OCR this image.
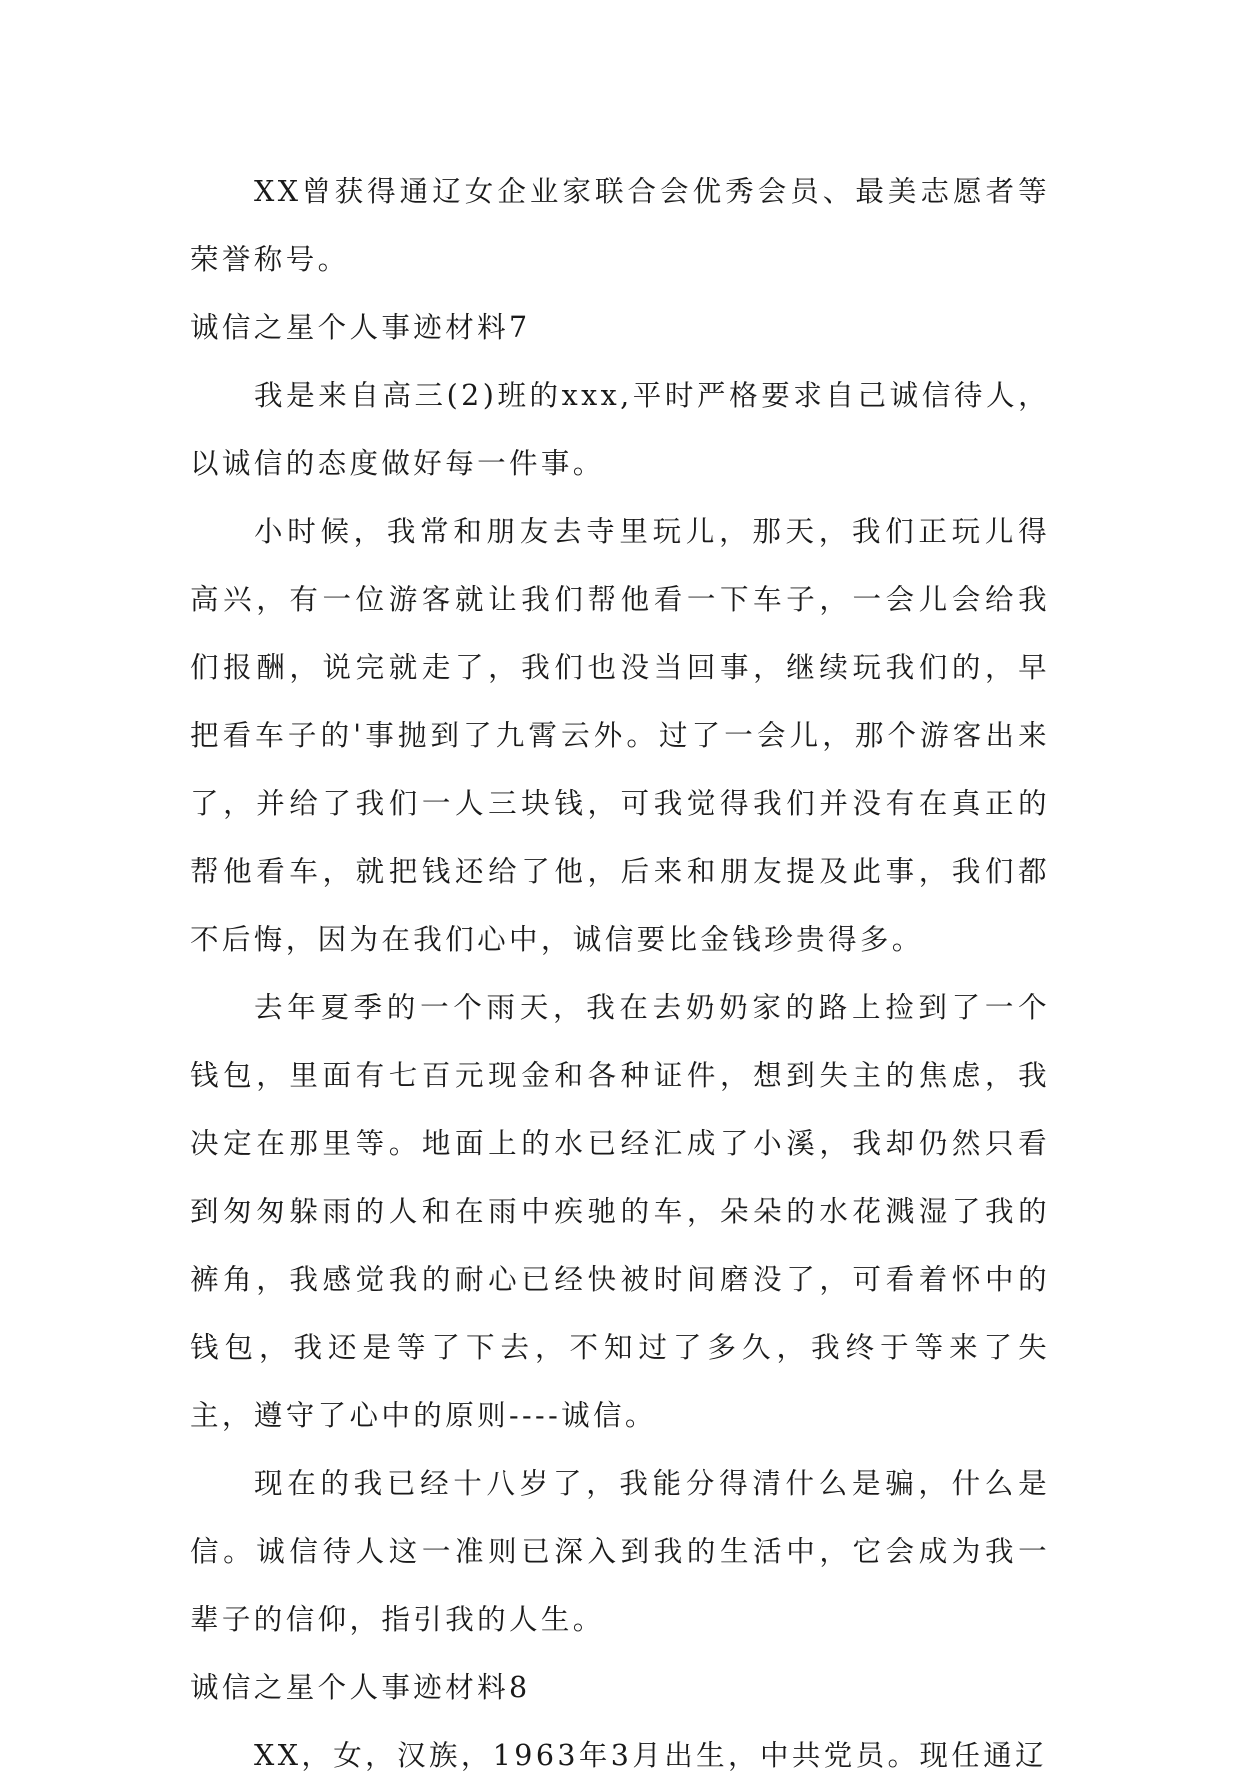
XX曾获得通辽女企业家联合会优秀会员、最美志愿者等荣誉称号。

诚信之星个人事迹材料7

我是来自高三(2)班的xxx,平时严格要求自己诚信待人，以诚信的态度做好每一件事。

小时候，我常和朋友去寺里玩儿，那天，我们正玩儿得高兴，有一位游客就让我们帮他看一下车子，一会儿会给我们报酬，说完就走了，我们也没当回事，继续玩我们的，早把看车子的'事抛到了九霄云外。过了一会儿，那个游客出来了，并给了我们一人三块钱，可我觉得我们并没有在真正的帮他看车，就把钱还给了他，后来和朋友提及此事，我们都不后悔，因为在我们心中，诚信要比金钱珍贵得多。

去年夏季的一个雨天，我在去奶奶家的路上捡到了一个钱包，里面有七百元现金和各种证件，想到失主的焦虑，我决定在那里等。地面上的水已经汇成了小溪，我却仍然只看到匆匆躲雨的人和在雨中疾驰的车，朵朵的水花溅湿了我的裤角，我感觉我的耐心已经快被时间磨没了，可看着怀中的钱包，我还是等了下去，不知过了多久，我终于等来了失主，遵守了心中的原则----诚信。

现在的我已经十八岁了，我能分得清什么是骗，什么是信。诚信待人这一准则已深入到我的生活中，它会成为我一辈子的信仰，指引我的人生。

诚信之星个人事迹材料8

XX，女，汉族，1963年3月出生，中共党员。现任通辽
